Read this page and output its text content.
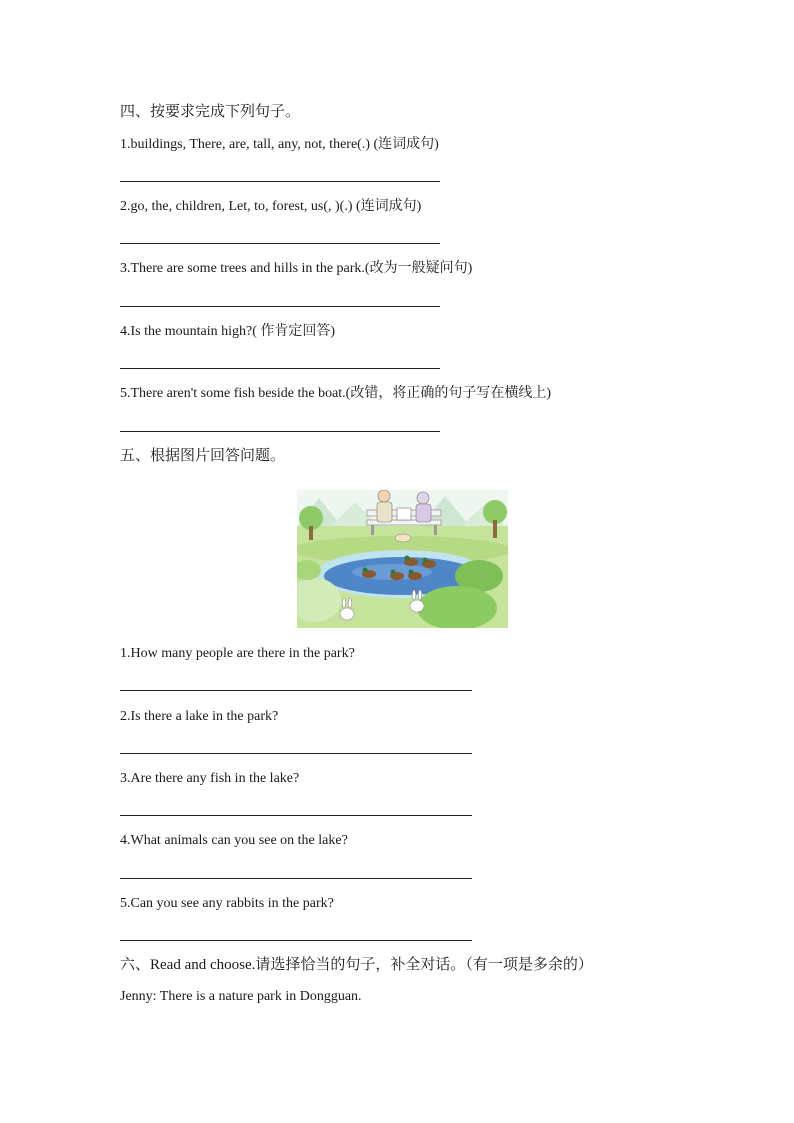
四、按要求完成下列句子。
1.buildings, There, are, tall, any, not, there(.) (连词成句)
2.go, the, children, Let, to, forest, us(, )(.) (连词成句)
3.There are some trees and hills in the park.(改为一般疑问句)
4.Is the mountain high?( 作肯定回答)
5.There aren't some fish beside the boat.(改错，将正确的句子写在横线上)
五、根据图片回答问题。
1.How many people are there in the park?
2.Is there a lake in the park?
3.Are there any fish in the lake?
4.What animals can you see on the lake?
5.Can you see any rabbits in the park?
六、Read and choose.请选择恰当的句子，补全对话。（有一项是多余的）
Jenny: There is a nature park in Dongguan.
